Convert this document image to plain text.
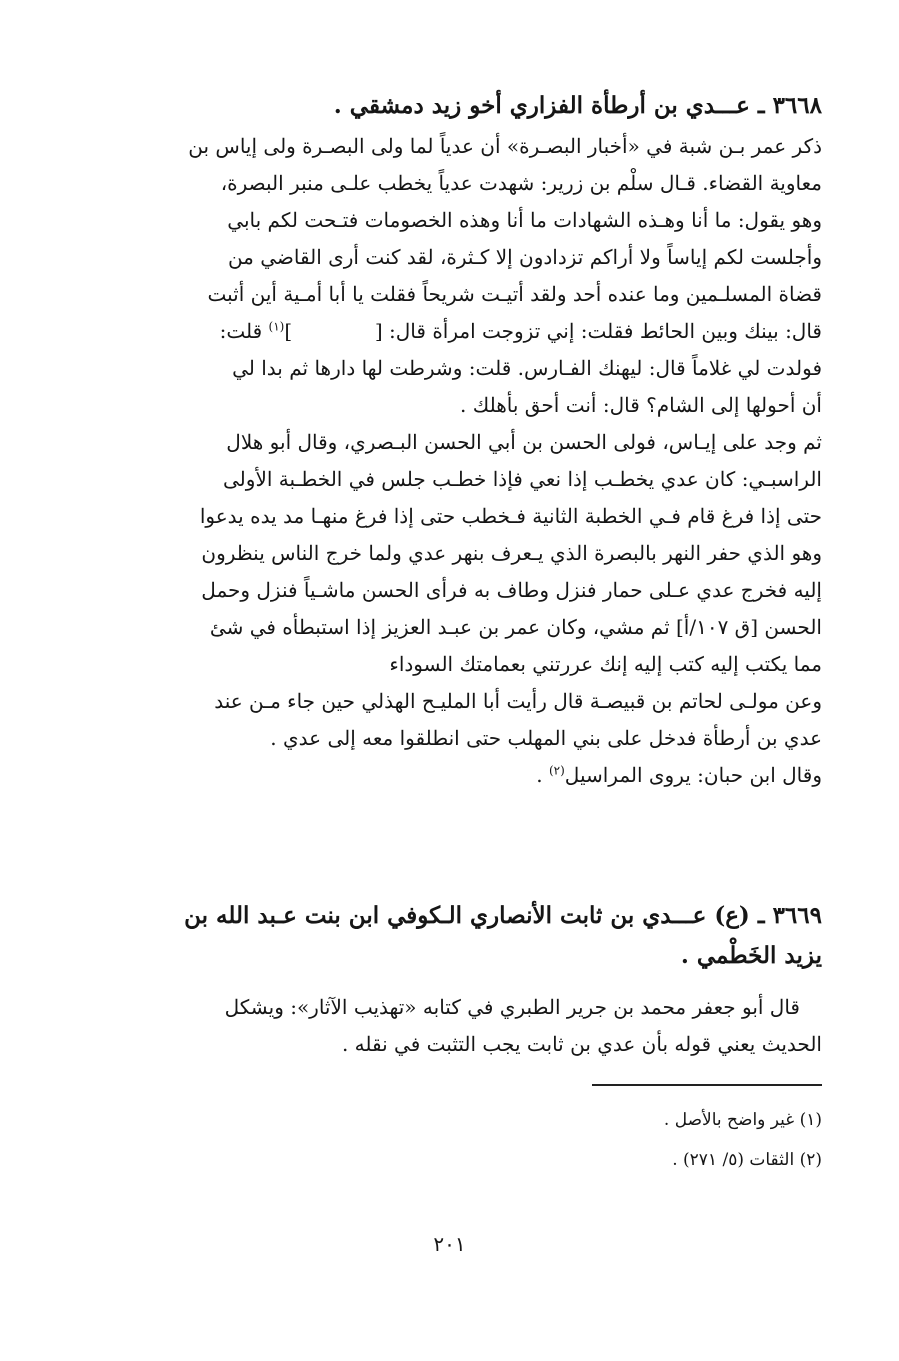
٣٦٦٨ ـ عـــدي بن أرطأة الفزاري أخو زيد دمشقي .
ذكر عمر بـن شبة في «أخبار البصـرة» أن عدياً لما ولى البصـرة ولى إياس بن
معاوية القضاء. قـال سلْم بن زرير: شهدت عدياً يخطب علـى منبر البصرة،
وهو يقول: ما أنا وهـذه الشهادات ما أنا وهذه الخصومات فتـحت لكم بابي
وأجلست لكم إياساً ولا أراكم تزدادون إلا كـثرة، لقد كنت أرى القاضي من
قضاة المسلـمين وما عنده أحد ولقد أتيـت شريحاً فقلت يا أبا أمـية أين أثبت
قال: بينك وبين الحائط فقلت: إني تزوجت امرأة قال: [  ]$^{(١)}$ قلت:
فولدت لي غلاماً قال: ليهنك الفـارس. قلت: وشرطت لها دارها ثم بدا لي
أن أحولها إلى الشام؟ قال: أنت أحق بأهلك .
ثم وجد على إيـاس، فولى الحسن بن أبي الحسن البـصري، وقال أبو هلال
الراسبـي: كان عدي يخطـب إذا نعي فإذا خطـب جلس في الخطـبة الأولى
حتى إذا فرغ قام فـي الخطبة الثانية فـخطب حتى إذا فرغ منهـا مد يده يدعوا
وهو الذي حفر النهر بالبصرة الذي يـعرف بنهر عدي ولما خرج الناس ينظرون
إليه فخرج عدي عـلى حمار فنزل وطاف به فرأى الحسن ماشـياً فنزل وحمل
الحسن [ق ١٠٧/أ] ثم مشي، وكان عمر بن عبـد العزيز إذا استبطأه في شئ
مما يكتب إليه كتب إليه إنك عررتني بعمامتك السوداء
وعن مولـى لحاتم بن قبيصـة قال رأيت أبا المليـح الهذلي حين جاء مـن عند
عدي بن أرطأة فدخل على بني المهلب حتى انطلقوا معه إلى عدي .
وقال ابن حبان: يروى المراسيل$^{(٢)}$ .
٣٦٦٩ ـ (ع) عـــدي بن ثابت الأنصاري الـكوفي ابن بنت عـبد الله بن
يزيد الخَطْمي .
قال أبو جعفر محمد بن جرير الطبري في كتابه «تهذيب الآثار»: ويشكل
الحديث يعني قوله بأن عدي بن ثابت يجب التثبت في نقله .
(١) غير واضح بالأصل .
(٢) الثقات (٥/ ٢٧١) .
٢٠١
